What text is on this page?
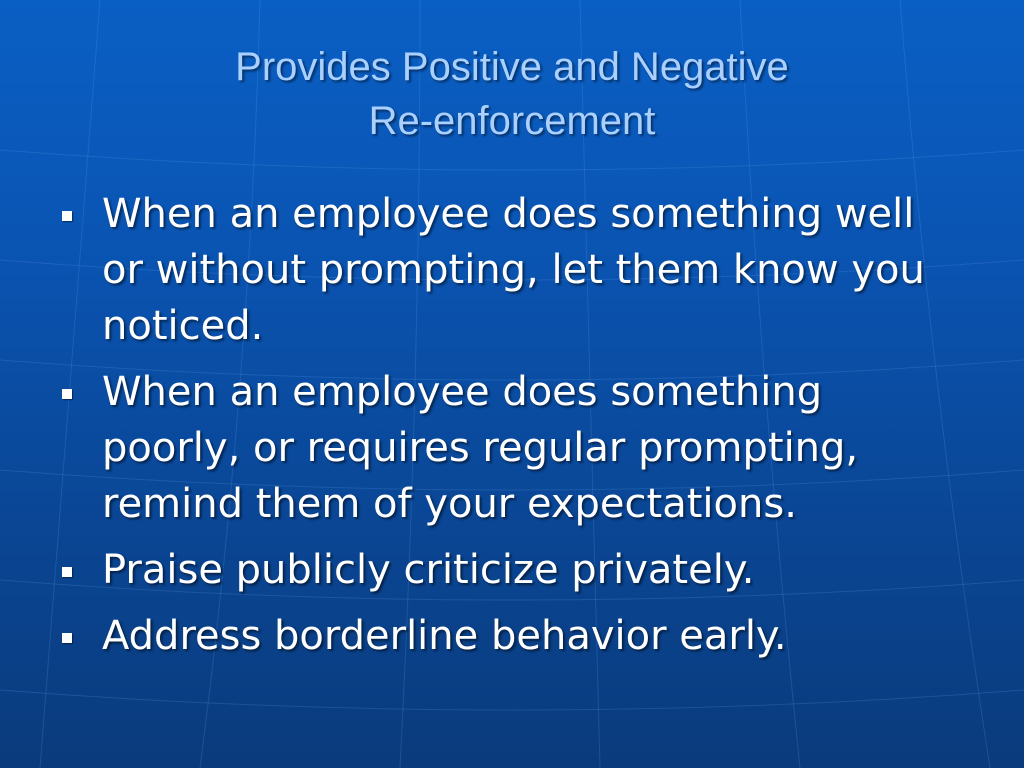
Provides Positive and Negative
Re-enforcement
When an employee does something well or without prompting, let them know you noticed.
When an employee does something poorly, or requires regular prompting, remind them of your expectations.
Praise publicly criticize privately.
Address borderline behavior early.
